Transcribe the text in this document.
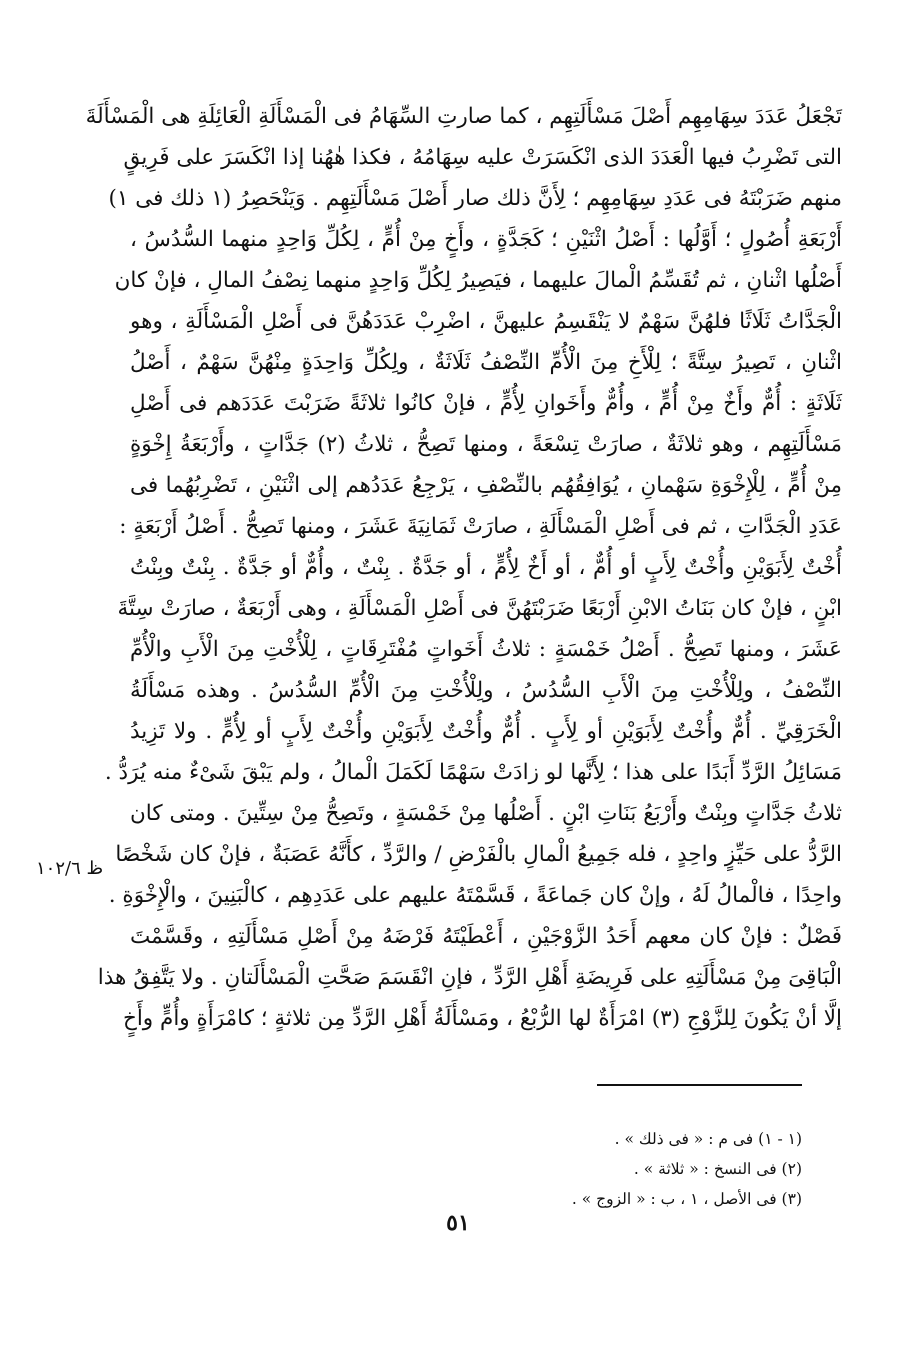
تَجْعَلُ عَدَدَ سِهَامِهِم أَصْلَ مَسْأَلَتِهِم ، كما صارتِ السِّهَامُ فى الْمَسْأَلَةِ الْعَائِلَةِ هى الْمَسْأَلَةَ
التى تَضْرِبُ فيها الْعَدَدَ الذى انْكَسَرَتْ عليه سِهَامُهُ ، فكذا هٰهُنا إذا انْكَسَرَ على فَرِيقٍ
منهم ضَرَبْتَهُ فى عَدَدِ سِهَامِهِم ؛ لِأَنَّ ذلك صار أَصْلَ مَسْأَلَتِهِم . وَيَنْحَصِرُ (١ ذلك فى ١)
أَرْبَعَةِ أُصُولٍ ؛ أَوَّلُها : أَصْلُ اثْنَيْنِ ؛ كَجَدَّةٍ ، وأَخٍ مِنْ أُمٍّ ، لِكُلِّ وَاحِدٍ منهما السُّدُسُ ،
أَصْلُها اثْنانِ ، ثم تُقَسِّمُ الْمالَ عليهما ، فيَصِيرُ لِكُلِّ وَاحِدٍ منهما نِصْفُ المالِ ، فإنْ كان
الْجَدَّاتُ ثَلَاثًا فلهُنَّ سَهْمٌ لا يَنْقَسِمُ عليهنَّ ، اضْرِبْ عَدَدَهُنَّ فى أَصْلِ الْمَسْأَلَةِ ، وهو
اثْنانِ ، تَصِيرُ سِتَّةً ؛ لِلْأَخِ مِنَ الْأُمِّ النِّصْفُ ثَلَاثَةٌ ، ولِكُلِّ وَاحِدَةٍ مِنْهُنَّ سَهْمٌ ، أَصْلُ
ثَلَاثَةٍ : أُمٌّ وأَخٌ مِنْ أُمٍّ ، وأُمٌّ وأَخَوانِ لِأُمٍّ ، فإنْ كانُوا ثلاثَةً ضَرَبْتَ عَدَدَهم فى أَصْلِ
مَسْأَلَتِهِم ، وهو ثلاثَةٌ ، صارَتْ تِسْعَةً ، ومنها تَصِحُّ ، ثلاثُ (٢) جَدَّاتٍ ، وأَرْبَعَةُ إِخْوَةٍ
مِنْ أُمٍّ ، لِلْإِخْوَةِ سَهْمانِ ، يُوَافِقُهُم بالنِّصْفِ ، يَرْجِعُ عَدَدُهم إلى اثْنَيْنِ ، تَضْرِبُهُما فى
عَدَدِ الْجَدَّاتِ ، ثم فى أَصْلِ الْمَسْأَلَةِ ، صارَتْ ثَمَانِيَةَ عَشَرَ ، ومنها تَصِحُّ . أَصْلُ أَرْبَعَةٍ :
أُخْتٌ لِأَبَوَيْنِ وأُخْتٌ لِأَبٍ أو أُمٌّ ، أو أَخٌ لِأُمٍّ ، أو جَدَّةٌ . بِنْتٌ ، وأُمٌّ أو جَدَّةٌ . بِنْتٌ وبِنْتُ
ابْنٍ ، فإنْ كان بَنَاتُ الابْنِ أَرْبَعًا ضَرَبْتَهُنَّ فى أَصْلِ الْمَسْأَلَةِ ، وهى أَرْبَعَةٌ ، صارَتْ سِتَّةَ
عَشَرَ ، ومنها تَصِحُّ . أَصْلُ خَمْسَةٍ : ثلاثُ أَخَواتٍ مُفْتَرِقَاتٍ ، لِلْأُخْتِ مِنَ الْأَبِ والْأُمِّ
النِّصْفُ ، ولِلْأُخْتِ مِنَ الْأَبِ السُّدُسُ ، ولِلْأُخْتِ مِنَ الْأُمِّ السُّدُسُ . وهذه مَسْأَلَةُ
الْخَرَقِيِّ . أُمٌّ وأُخْتٌ لِأَبَوَيْنِ أو لِأَبٍ . أُمٌّ وأُخْتٌ لِأَبَوَيْنِ وأُخْتٌ لِأَبٍ أو لِأُمٍّ . ولا تَزِيدُ
مَسَائِلُ الرَّدِّ أَبَدًا على هذا ؛ لِأَنَّها لو زادَتْ سَهْمًا لَكَمَلَ الْمالُ ، ولم يَبْقَ شَىْءٌ منه يُرَدُّ .
ثلاثُ جَدَّاتٍ وبِنْتٌ وأَرْبَعُ بَنَاتِ ابْنٍ . أَصْلُها مِنْ خَمْسَةٍ ، وتَصِحُّ مِنْ سِتِّينَ . ومتى كان
الرَّدُّ على حَيِّزٍ واحِدٍ ، فله جَمِيعُ الْمالِ بالْفَرْضِ / والرَّدِّ ، كأَنَّهُ عَصَبَةٌ ، فإنْ كان شَخْصًا
واحِدًا ، فالْمالُ لَهُ ، وإنْ كان جَماعَةً ، قَسَّمْتَهُ عليهم على عَدَدِهِم ، كالْبَنِينَ ، والْإِخْوَةِ .
فَصْلٌ : فإنْ كان معهم أَحَدُ الزَّوْجَيْنِ ، أَعْطَيْتَهُ فَرْضَهُ مِنْ أَصْلِ مَسْأَلَتِهِ ، وقَسَّمْتَ
الْبَاقِىَ مِنْ مَسْأَلَتِهِ على فَرِيضَةِ أَهْلِ الرَّدِّ ، فإنِ انْقَسَمَ صَحَّتِ الْمَسْأَلَتانِ . ولا يَتَّفِقُ هذا
إلَّا أنْ يَكُونَ لِلزَّوْجِ (٣) امْرَأَةٌ لها الرُّبْعُ ، ومَسْأَلَةُ أَهْلِ الرَّدِّ مِن ثلاثةٍ ؛ كامْرَأَةٍ وأُمٍّ وأَخٍ
ظ ١٠٢/٦
(١ - ١) فى م : « فى ذلك » .
(٢) فى النسخ : « ثلاثة » .
(٣) فى الأصل ، ١ ، ب : « الزوج » .
٥١
